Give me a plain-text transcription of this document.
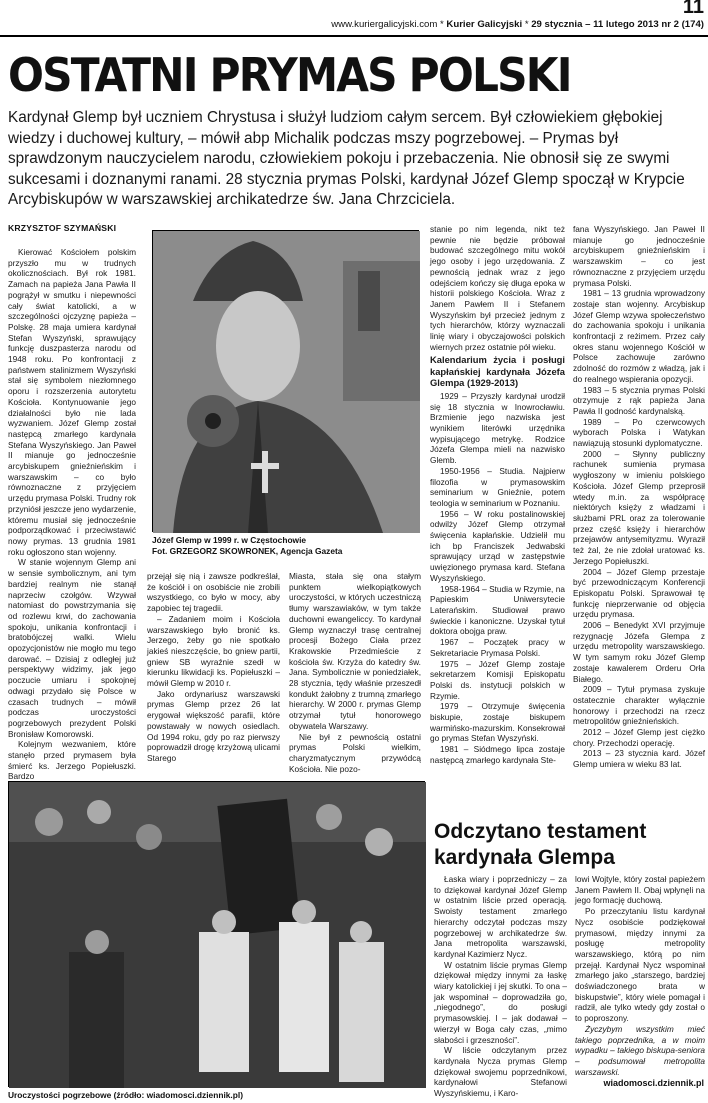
11
www.kuriergalicyjski.com * Kurier Galicyjski * 29 stycznia – 11 lutego 2013 nr 2 (174)
OSTATNI PRYMAS POLSKI
Kardynał Glemp był uczniem Chrystusa i służył ludziom całym sercem. Był człowiekiem głębokiej wiedzy i duchowej kultury, – mówił abp Michalik podczas mszy pogrzebowej. – Prymas był sprawdzonym nauczycielem narodu, człowiekiem pokoju i przebaczenia. Nie obnosił się ze swymi sukcesami i doznanymi ranami. 28 stycznia prymas Polski, kardynał Józef Glemp spoczął w Krypcie Arcybiskupów w warszawskiej archikatedrze św. Jana Chrzciciela.
KRZYSZTOF SZYMAŃSKI

Kierować Kościołem polskim przyszło mu w trudnych okolicznościach. Był rok 1981. Zamach na papieża Jana Pawła II pogrążył w smutku i niepewności cały świat katolicki, a w szczególności ojczyznę papieża – Polskę. 28 maja umiera kardynał Stefan Wyszyński, sprawujący funkcję duszpasterza narodu od 1948 roku. Po konfrontacji z państwem stalinizmem Wyszyński stał się symbolem niezłomnego oporu i rozszerzenia autorytetu Kościoła. Kontynuowanie jego działalności było nie lada wyzwaniem. Józef Glemp został następcą zmarłego kardynała Stefana Wyszyńskiego. Jan Paweł II mianuje go jednocześnie arcybiskupem gnieźnieńskim i warszawskim – co było równoznaczne z przyjęciem urzędu prymasa Polski. Trudny rok przyniósł jeszcze jeno wydarzenie, któremu musiał się jednocześnie podporządkować i przeciwstawić nowy prymas. 13 grudnia 1981 roku ogłoszono stan wojenny.

W stanie wojennym Glemp ani w sensie symbolicznym, ani tym bardziej realnym nie stanął naprzeciw czołgów. Wzywał natomiast do powstrzymania się od rozlewu krwi, do zachowania spokoju, unikania konfrontacji i bratobójczej walki. Wielu opozycjonistów nie mogło mu tego darować. – Dzisiaj z odległej już perspektywy widzimy, jak jego poczucie umiaru i spokojnej odwagi przydało się Polsce w czasach trudnych – mówił podczas uroczystości pogrzebowych prezydent Polski Bronisław Komorowski.

Kolejnym wezwaniem, które stanęło przed prymasem była śmierć ks. Jerzego Popiełuszki. Bardzo

Józef Glemp w 1999 r. w Częstochowie
Fot. GRZEGORZ SKOWRONEK, Agencja Gazeta

przejął się nią i zawsze podkreślał, że kościół i on osobiście nie zrobili wszystkiego, co było w mocy, aby zapobiec tej tragedii.

– Zadaniem moim i Kościoła warszawskiego było bronić ks. Jerzego, żeby go nie spotkało jakieś nieszczęście, bo gniew partii, gniew SB wyraźnie szedł w kierunku likwidacji ks. Popiełuszki – mówił Glemp w 2010 r.

Jako ordynariusz warszawski prymas Glemp przez 26 lat erygował większość parafii, które powstawały w nowych osiedlach. Od 1994 roku, gdy po raz pierwszy poprowadził drogę krzyżową ulicami Starego

Miasta, stała się ona stałym punktem wielkopiątkowych uroczystości, w których uczestniczą tłumy warszawiaków, w tym także duchowni ewangeliccy. To kardynał Glemp wyznaczył trasę centralnej procesji Bożego Ciała przez Krakowskie Przedmieście z kościoła św. Krzyża do katedry św. Jana. Symbolicznie w poniedziałek, 28 stycznia, tędy właśnie przeszedł kondukt żałobny z trumną zmarłego hierarchy. W 2000 r. prymas Glemp otrzymał tytuł honorowego obywatela Warszawy.

Nie był z pewnością ostatni prymas Polski wielkim, charyzmatycznym przywódcą Kościoła. Nie pozo-

stanie po nim legenda, nikt też pewnie nie będzie próbował budować szczególnego mitu wokół jego osoby i jego urzędowania. Z pewnością jednak wraz z jego odejściem kończy się długa epoka w historii polskiego Kościoła. Wraz z Janem Pawłem II i Stefanem Wyszyńskim był przecież jednym z tych hierarchów, którzy wyznaczali linię wiary i obyczajowości polskich wiernych przez ostatnie pół wieku.

Kalendarium życia i posługi kapłańskiej kardynała Józefa Glempa (1929-2013)

1929 – Przyszły kardynał urodził się 18 stycznia w Inowrocławiu. Brzmienie jego nazwiska jest wynikiem literówki urzędnika wypisującego metrykę. Rodzice Józefa Glempa mieli na nazwisko Glemb.

1950-1956 – Studia. Najpierw filozofia w prymasowskim seminarium w Gnieźnie, potem teologia w seminarium w Poznaniu.

1956 – W roku postalinowskiej odwilży Józef Glemp otrzymał święcenia kapłańskie. Udzielił mu ich bp Franciszek Jedwabski sprawujący urząd w zastępstwie uwięzionego prymasa kard. Stefana Wyszyńskiego.

1958-1964 – Studia w Rzymie, na Papieskim Uniwersytecie Laterańskim. Studiował prawo świeckie i kanoniczne. Uzyskał tytuł doktora obojga praw.

1967 – Początek pracy w Sekretariacie Prymasa Polski.

1975 – Józef Glemp zostaje sekretarzem Komisji Episkopatu Polski ds. instytucji polskich w Rzymie.

1979 – Otrzymuje święcenia biskupie, zostaje biskupem warmińsko-mazurskim. Konsekrował go prymas Stefan Wyszyński.

1981 – Siódmego lipca zostaje następcą zmarłego kardynała Ste-

fana Wyszyńskiego. Jan Paweł II mianuje go jednocześnie arcybiskupem gnieźnieńskim i warszawskim – co jest równoznaczne z przyjęciem urzędu prymasa Polski.

1981 – 13 grudnia wprowadzony zostaje stan wojenny. Arcybiskup Józef Glemp wzywa społeczeństwo do zachowania spokoju i unikania konfrontacji z reżimem. Przez cały okres stanu wojennego Kościół w Polsce zachowuje zarówno zdolność do rozmów z władzą, jak i do realnego wspierania opozycji.

1983 – 5 stycznia prymas Polski otrzymuje z rąk papieża Jana Pawła II godność kardynalską.

1989 – Po czerwcowych wyborach Polska i Watykan nawiązują stosunki dyplomatyczne.

2000 – Słynny publiczny rachunek sumienia prymasa wygłoszony w imieniu polskiego Kościoła. Józef Glemp przeprosił wtedy m.in. za współpracę niektórych księży z władzami i służbami PRL oraz za tolerowanie przez część księży i hierarchów przejawów antysemityzmu. Wyraził też żal, że nie zdołał uratować ks. Jerzego Popiełuszki.

2004 – Józef Glemp przestaje być przewodniczącym Konferencji Episkopatu Polski. Sprawował tę funkcję nieprzerwanie od objęcia urzędu prymasa.

2006 – Benedykt XVI przyjmuje rezygnację Józefa Glempa z urzędu metropolity warszawskiego. W tym samym roku Józef Glemp zostaje kawalerem Orderu Orła Białego.

2009 – Tytuł prymasa zyskuje ostatecznie charakter wyłącznie honorowy i przechodzi na rzecz metropolitów gnieźnieńskich.

2012 – Józef Glemp jest ciężko chory. Przechodzi operację.

2013 – 23 stycznia kard. Józef Glemp umiera w wieku 83 lat.

Uroczystości pogrzebowe (źródło: wiadomosci.dziennik.pl)
Odczytano testament
kardynała Glempa

Łaska wiary i poprzedniczy – za to dziękował kardynał Józef Glemp w ostatnim liście przed operacją. Swoisty testament zmarłego hierarchy odczytał podczas mszy pogrzebowej w archikatedrze św. Jana metropolita warszawski, kardynał Kazimierz Nycz.

W ostatnim liście prymas Glemp dziękował między innymi za łaskę wiary katolickiej i jej skutki. To ona – jak wspominał – doprowadziła go, „niegodnego”, do posługi prymasowskiej. I – jak dodawał – wierzył w Boga cały czas, „mimo słabości i grzeszności”.

W liście odczytanym przez kardynała Nycza prymas Glemp dziękował swojemu poprzednikowi, kardynałowi Stefanowi Wyszyńskiemu, i Karo-

lowi Wojtyle, który został papieżem Janem Pawłem II. Obaj wpłynęli na jego formację duchową.

Po przeczytaniu listu kardynał Nycz osobiście podziękował prymasowi, między innymi za posługę metropolity warszawskiego, którą po nim przejął. Kardynał Nycz wspominał zmarłego jako „starszego, bardziej doświadczonego brata w biskupstwie”, który wiele pomagał i radził, ale tylko wtedy gdy został o to poproszony.

Życzybym wszystkim mieć takiego poprzednika, a w moim wypadku – takiego biskupa-seniora – podsumował metropolita warszawski.

wiadomosci.dziennik.pl
